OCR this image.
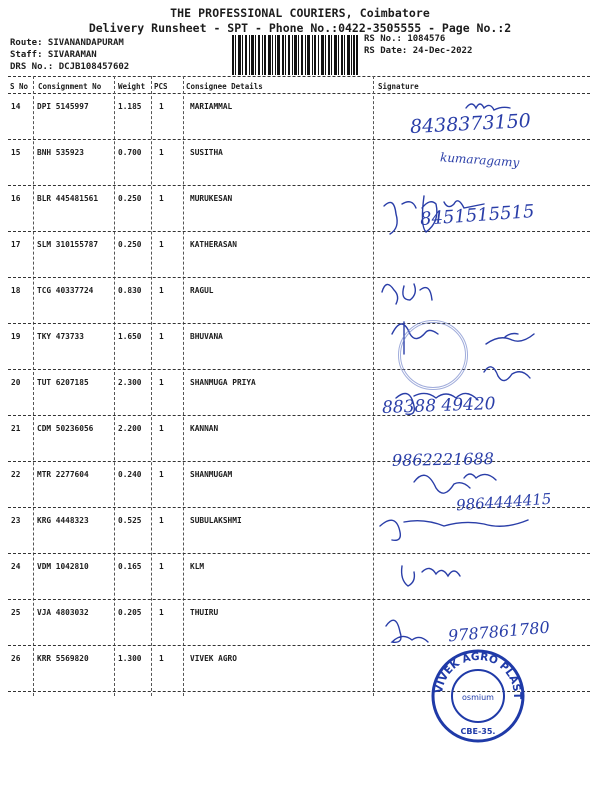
THE PROFESSIONAL COURIERS, Coimbatore
Delivery Runsheet - SPT - Phone No.:0422-3505555 - Page No.:2
Route: SIVANANDAPURAM
Staff: SIVARAMAN
DRS No.: DCJB108457602
RS No.: 1084576
RS Date: 24-Dec-2022
S No Consignment No Weight PCS Consignee Details	Signature
14 DPI 5145997	1.185 1	MARIAMMAL
15 BNH 535923	0.700 1	SUSITHA
16 BLR 445481561	0.250 1	MURUKESAN
17 SLM 310155787	0.250 1	KATHERASAN
18 TCG 40337724	0.830 1	RAGUL
19 TKY 473733	1.650 1	BHUVANA
20 TUT 6207185	2.300 1	SHANMUGA PRIYA
21 CDM 50236056	2.200 1	KANNAN
22 MTR 2277604	0.240 1	SHANMUGAM
23 KRG 4448323	0.525 1	SUBULAKSHMI
24 VDM 1042810	0.165 1	KLM
25 VJA 4803032	0.205 1	THUIRU
26 KRR 5569820	1.300 1	VIVEK AGRO
8438373150
kumaragamy
8451515515
88388 49420
9862221688
9864444415
9787861780
VIVEK AGRO PLAST
osmium
CBE-35.
